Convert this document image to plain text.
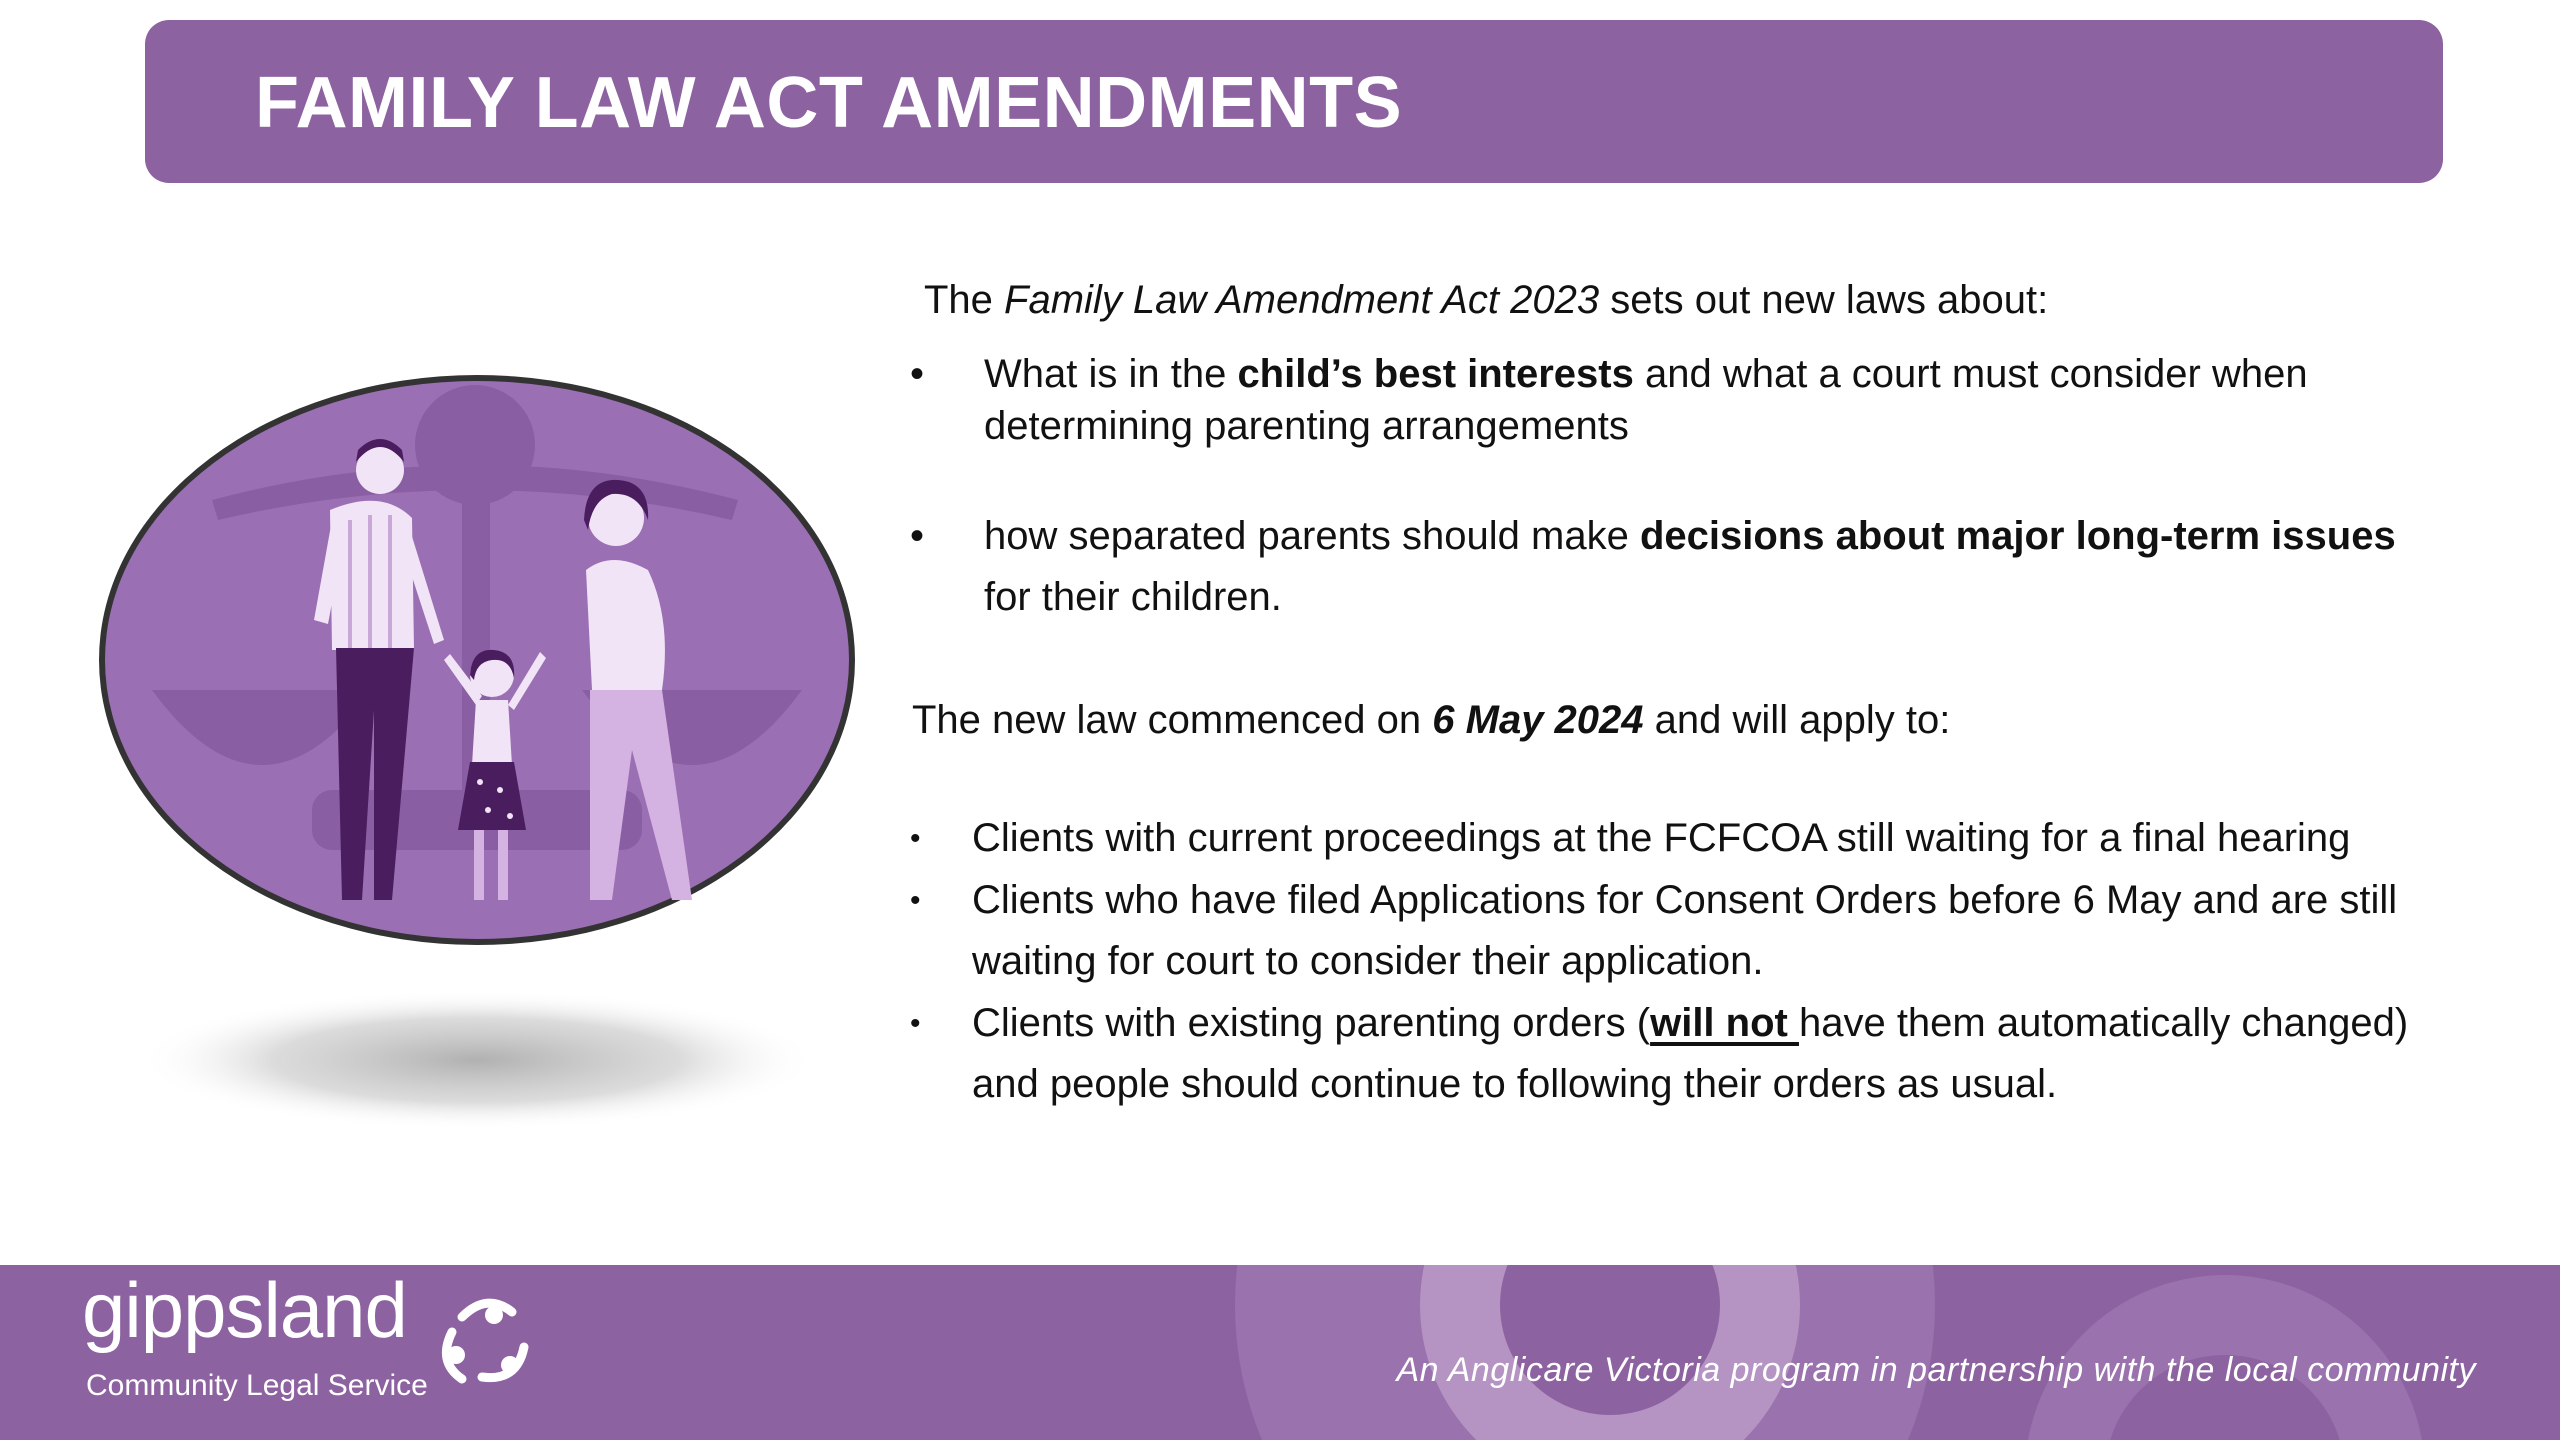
FAMILY LAW ACT AMENDMENTS
The Family Law Amendment Act 2023 sets out new laws about:
•	What is in the child’s best interests and what a court must consider when determining parenting arrangements
•	how separated parents should make decisions about major long-term issues for their children.
The new law commenced on 6 May 2024 and will apply to:
•	Clients with current proceedings at the FCFCOA still waiting for a final hearing
•	Clients who have filed Applications for Consent Orders before 6 May and are still waiting for court to consider their application.
•	Clients with existing parenting orders (will not have them automatically changed) and people should continue to following their orders as usual.
gippsland
Community Legal Service	An Anglicare Victoria program in partnership with the local community
